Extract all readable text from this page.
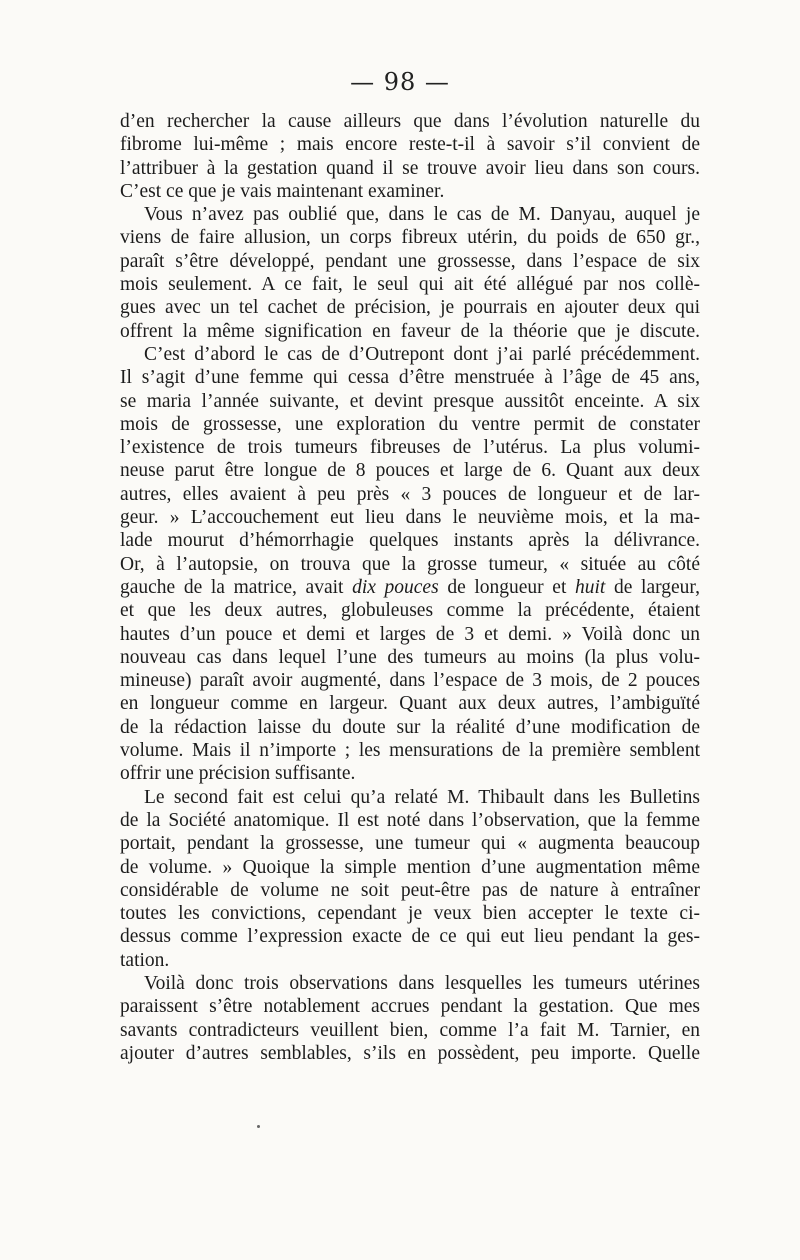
— 98 —
d’en rechercher la cause ailleurs que dans l’évolution naturelle du
fibrome lui-même ; mais encore reste-t-il à savoir s’il convient de
l’attribuer à la gestation quand il se trouve avoir lieu dans son cours.
C’est ce que je vais maintenant examiner.
Vous n’avez pas oublié que, dans le cas de M. Danyau, auquel je
viens de faire allusion, un corps fibreux utérin, du poids de 650 gr.,
paraît s’être développé, pendant une grossesse, dans l’espace de six
mois seulement. A ce fait, le seul qui ait été allégué par nos collè-
gues avec un tel cachet de précision, je pourrais en ajouter deux qui
offrent la même signification en faveur de la théorie que je discute.
C’est d’abord le cas de d’Outrepont dont j’ai parlé précédemment.
Il s’agit d’une femme qui cessa d’être menstruée à l’âge de 45 ans,
se maria l’année suivante, et devint presque aussitôt enceinte. A six
mois de grossesse, une exploration du ventre permit de constater
l’existence de trois tumeurs fibreuses de l’utérus. La plus volumi-
neuse parut être longue de 8 pouces et large de 6. Quant aux deux
autres, elles avaient à peu près « 3 pouces de longueur et de lar-
geur. » L’accouchement eut lieu dans le neuvième mois, et la ma-
lade mourut d’hémorrhagie quelques instants après la délivrance.
Or, à l’autopsie, on trouva que la grosse tumeur, « située au côté
gauche de la matrice, avait dix pouces de longueur et huit de largeur,
et que les deux autres, globuleuses comme la précédente, étaient
hautes d’un pouce et demi et larges de 3 et demi. » Voilà donc un
nouveau cas dans lequel l’une des tumeurs au moins (la plus volu-
mineuse) paraît avoir augmenté, dans l’espace de 3 mois, de 2 pouces
en longueur comme en largeur. Quant aux deux autres, l’ambiguïté
de la rédaction laisse du doute sur la réalité d’une modification de
volume. Mais il n’importe ; les mensurations de la première semblent
offrir une précision suffisante.
Le second fait est celui qu’a relaté M. Thibault dans les Bulletins
de la Société anatomique. Il est noté dans l’observation, que la femme
portait, pendant la grossesse, une tumeur qui « augmenta beaucoup
de volume. » Quoique la simple mention d’une augmentation même
considérable de volume ne soit peut-être pas de nature à entraîner
toutes les convictions, cependant je veux bien accepter le texte ci-
dessus comme l’expression exacte de ce qui eut lieu pendant la ges-
tation.
Voilà donc trois observations dans lesquelles les tumeurs utérines
paraissent s’être notablement accrues pendant la gestation. Que mes
savants contradicteurs veuillent bien, comme l’a fait M. Tarnier, en
ajouter d’autres semblables, s’ils en possèdent, peu importe. Quelle
